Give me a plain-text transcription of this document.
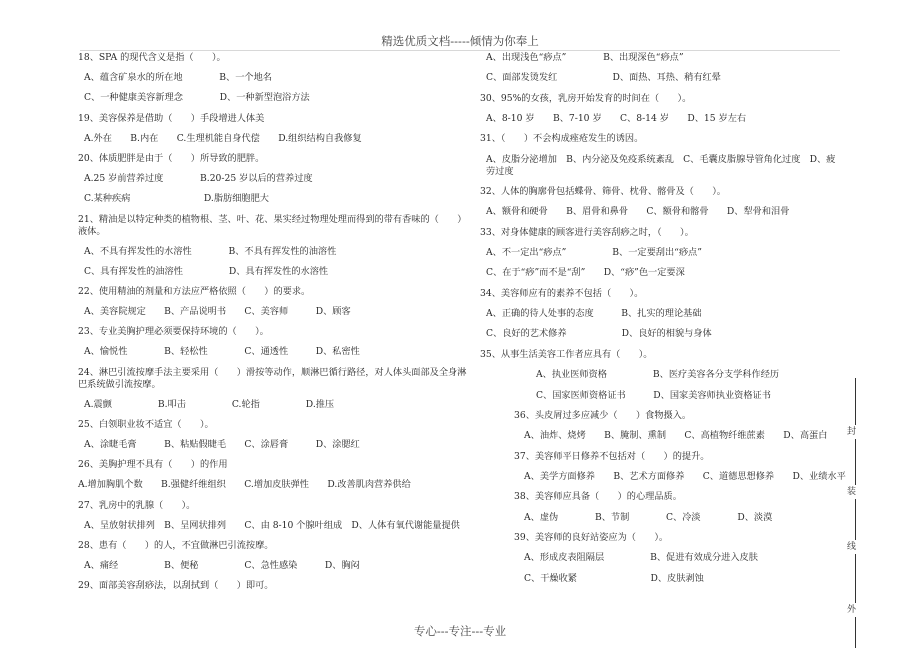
精选优质文档-----倾情为你奉上
18、SPA 的现代含义是指（　　）。
A、蕴含矿泉水的所在地　　　　B、一个地名
C、一种健康美容新理念　　　　D、一种新型泡浴方法
19、美容保养是借助（　　）手段增进人体美
A.外在　　B.内在　　C.生理机能自身代偿　　D.组织结构自我修复
20、体质肥胖是由于（　　）所导致的肥胖。
A.25 岁前营养过度　　　　B.20-25 岁以后的营养过度
C.某种疾病　　　　　　　　D.脂肪细胞肥大
21、精油是以特定种类的植物根、茎、叶、花、果实经过物理处理而得到的带有香味的（　　）液体。
A、不具有挥发性的水溶性　　　　B、不具有挥发性的油溶性
C、具有挥发性的油溶性　　　　　D、具有挥发性的水溶性
22、使用精油的剂量和方法应严格依照（　　）的要求。
A、美容院规定　　B、产品说明书　　C、美容师　　　D、顾客
23、专业美胸护理必须要保持环境的（　　）。
A、愉悦性　　　　B、轻松性　　　　C、通透性　　　D、私密性
24、淋巴引流按摩手法主要采用（　　）滑按等动作，顺淋巴循行路径，对人体头面部及全身淋巴系统做引流按摩。
A.震颤　　　　　B.叩击　　　　　C.轮指　　　　　D.推压
25、白领职业妆不适宜（　　）。
A、涂睫毛膏　　　B、粘贴假睫毛　　C、涂唇膏　　　D、涂腮红
26、美胸护理不具有（　　）的作用
A.增加胸肌个数　　B.强健纤维组织　　C.增加皮肤弹性　　D.改善肌肉营养供给
27、乳房中的乳腺（　　）。
A、呈放射状排列　B、呈网状排列　　C、由 8-10 个腺叶组成　D、人体有氧代谢能量提供
28、患有（　　）的人，不宜做淋巴引流按摩。
A、痛经　　　　　B、便秘　　　　　C、急性感染　　　D、胸闷
29、面部美容刮痧法，以刮拭到（　　）即可。
A、出现浅色“痧点”　　　　B、出现深色“痧点”
C、面部发烫发红　　　　　　D、面热、耳热、稍有红晕
30、95%的女孩，乳房开始发育的时间在（　　）。
A、8-10 岁　　B、7-10 岁　　C、8-14 岁　　D、15 岁左右
31、（　　）不会构成痤疮发生的诱因。
A、皮脂分泌增加　B、内分泌及免疫系统紊乱　C、毛囊皮脂腺导管角化过度　D、疲劳过度
32、人体的胸廓骨包括蝶骨、筛骨、枕骨、髂骨及（　　）。
A、额骨和硬骨　　B、眉骨和鼻骨　　C、额骨和髂骨　　D、犁骨和泪骨
33、对身体健康的顾客进行美容刮痧之时，（　　）。
A、不一定出“痧点”　　　　　B、一定要刮出“痧点”
C、在于“痧”而不是“刮”　　D、“痧”色一定要深
34、美容师应有的素养不包括（　　）。
A、正确的待人处事的态度　　　B、扎实的理论基础
C、良好的艺术修养　　　　　　D、良好的相貌与身体
35、从事生活美容工作者应具有（　　）。
A、执业医师资格　　　　　B、医疗美容各分支学科作经历
C、国家医师资格证书　　　D、国家美容师执业资格证书
36、头皮屑过多应减少（　　）食物摄入。
A、油炸、烧烤　　B、腌制、熏制　　C、高植物纤维蔗素　　D、高蛋白
37、美容师平日修养不包括对（　　）的提升。
A、美学方面修养　　B、艺术方面修养　　C、道德思想修养　　D、业绩水平
38、美容师应具备（　　）的心理品质。
A、虚伪　　　　B、节制　　　　C、冷淡　　　　D、淡漠
39、美容师的良好站姿应为（　　）。
A、形成皮表阻隔层　　　　　B、促进有效成分进入皮肤
C、干燥收紧　　　　　　　　D、皮肤剥蚀
封
装
线
外
专心---专注---专业
